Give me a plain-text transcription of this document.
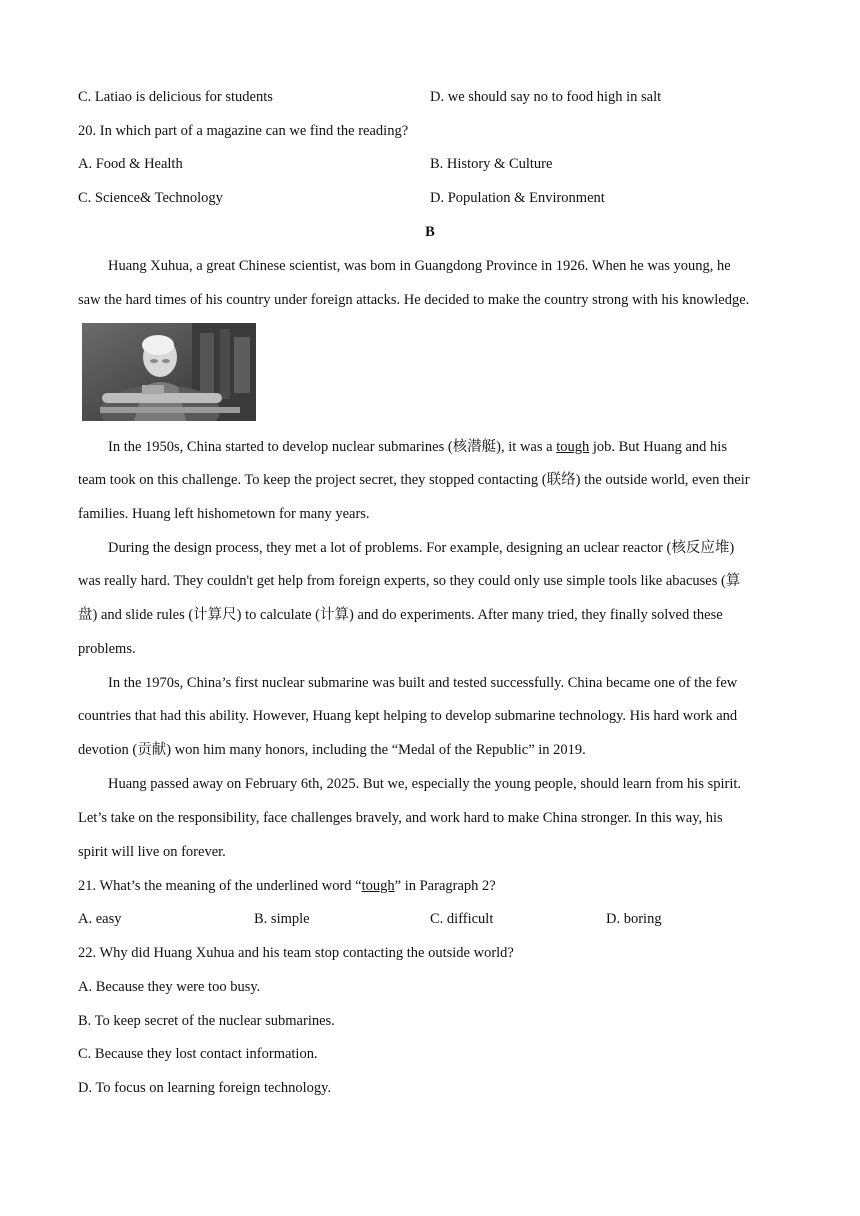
C. Latiao is delicious for students	D. we should say no to food high in salt
20. In which part of a magazine can we find the reading?
A. Food & Health	B. History & Culture
C. Science& Technology	D. Population & Environment
B
Huang Xuhua, a great Chinese scientist, was bom in Guangdong Province in 1926. When he was young, he
saw the hard times of his country under foreign attacks. He decided to make the country strong with his knowledge.
In the 1950s, China started to develop nuclear submarines (核潜艇), it was a tough job. But Huang and his
team took on this challenge. To keep the project secret, they stopped contacting (联络) the outside world, even their
families. Huang left hishometown for many years.
During the design process, they met a lot of problems. For example, designing an uclear reactor (核反应堆)
was really hard. They couldn't get help from foreign experts, so they could only use simple tools like abacuses (算
盘) and slide rules (计算尺) to calculate (计算) and do experiments. After many tried, they finally solved these
problems.
In the 1970s, China’s first nuclear submarine was built and tested successfully. China became one of the few
countries that had this ability. However, Huang kept helping to develop submarine technology. His hard work and
devotion (贡献) won him many honors, including the “Medal of the Republic” in 2019.
Huang passed away on February 6th, 2025. But we, especially the young people, should learn from his spirit.
Let’s take on the responsibility, face challenges bravely, and work hard to make China stronger. In this way, his
spirit will live on forever.
21. What’s the meaning of the underlined word “tough” in Paragraph 2?
A. easy	B. simple	C. difficult	D. boring
22. Why did Huang Xuhua and his team stop contacting the outside world?
A. Because they were too busy.
B. To keep secret of the nuclear submarines.
C. Because they lost contact information.
D. To focus on learning foreign technology.
